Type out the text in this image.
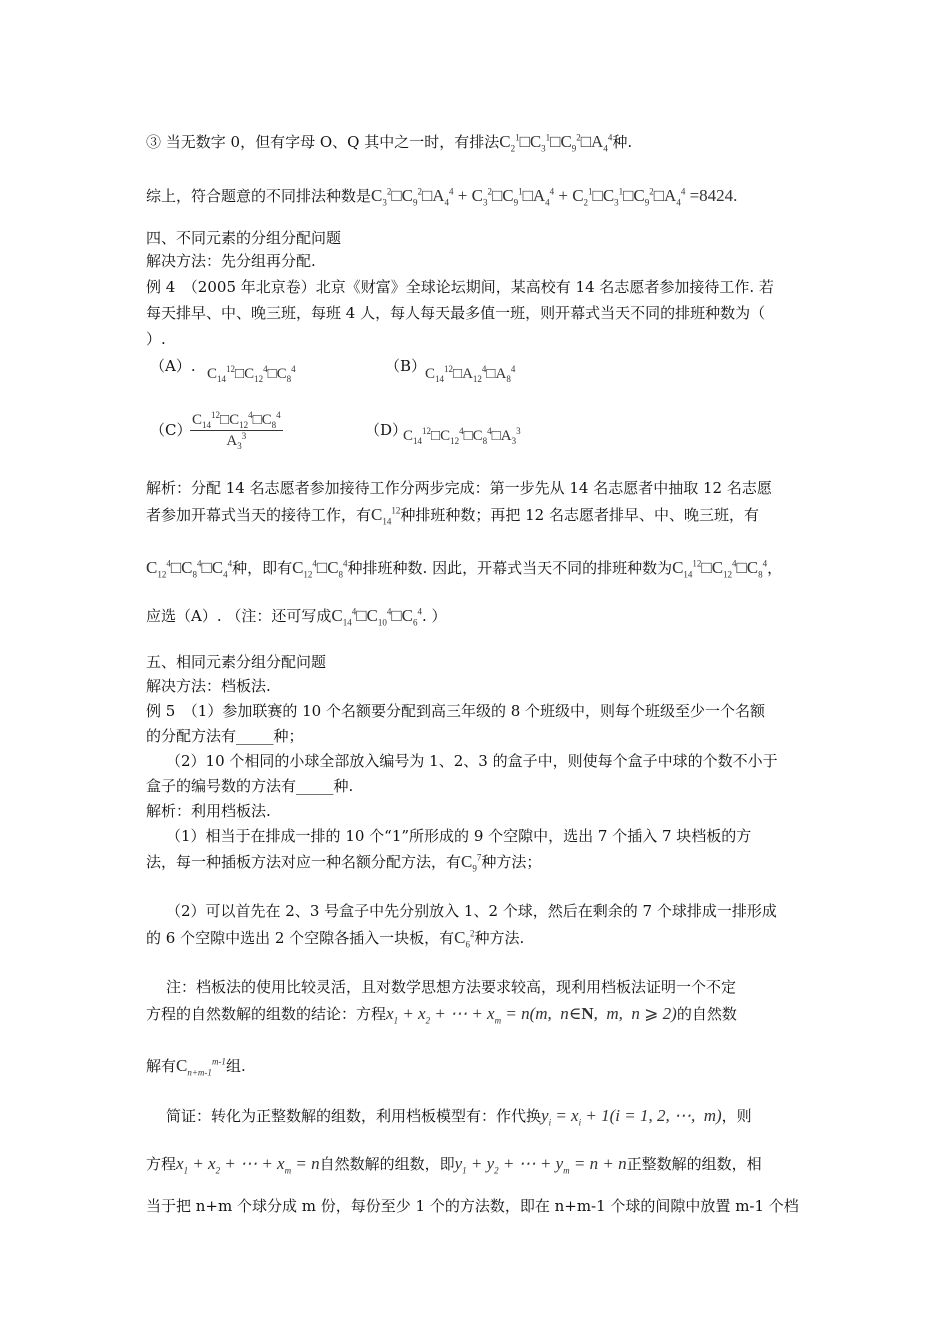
③ 当无数字 0，但有字母 O、Q 其中之一时，有排法$C_2^1□C_3^1□C_9^2□A_4^4$种.
综上，符合题意的不同排法种数是$C_3^2□C_9^2□A_4^4$ + $C_3^2□C_9^1□A_4^4$ + $C_2^1□C_3^1□C_9^2□A_4^4 =8424$.
四、不同元素的分组分配问题
解决方法：先分组再分配.
例 4　（2005 年北京卷）北京《财富》全球论坛期间，某高校有 14 名志愿者参加接待工作. 若
每天排早、中、晚三班，每班 4 人，每人每天最多值一班，则开幕式当天不同的排班种数为（
）.
（A）. $C_{14}^{12}□C_{12}^4□C_8^4$	（B）
$C_{14}^{12}□A_{12}^4□A_8^4$
（C）
$\frac{C_{14}^{12}□C_{12}^4□C_8^4}{A_3^3}$	（D）
$C_{14}^{12}□C_{12}^4□C_8^4□A_3^3$
解析：分配 14 名志愿者参加接待工作分两步完成：第一步先从 14 名志愿者中抽取 12 名志愿
者参加开幕式当天的接待工作，有$C_{14}^{12}$种排班种数；再把 12 名志愿者排早、中、晚三班，有
$C_{12}^4□C_8^4□C_4^4$种，即有$C_{12}^4□C_8^4$种排班种数. 因此，开幕式当天不同的排班种数为$C_{14}^{12}□C_{12}^4□C_8^4$，
应选（A）. （注：还可写成$C_{14}^4□C_{10}^4□C_6^4$. ）
五、相同元素分组分配问题
解决方法：档板法.
例 5　（1）参加联赛的 10 个名额要分配到高三年级的 8 个班级中，则每个班级至少一个名额
的分配方法有_____种；
（2）10 个相同的小球全部放入编号为 1、2、3 的盒子中，则使每个盒子中球的个数不小于
盒子的编号数的方法有_____种.
解析：利用档板法.
（1）相当于在排成一排的 10 个“1”所形成的 9 个空隙中，选出 7 个插入 7 块档板的方
法，每一种插板方法对应一种名额分配方法，有$C_9^7$种方法；
（2）可以首先在 2、3 号盒子中先分别放入 1、2 个球，然后在剩余的 7 个球排成一排形成
的 6 个空隙中选出 2 个空隙各插入一块板，有$C_6^2$种方法.
注：档板法的使用比较灵活，且对数学思想方法要求较高，现利用档板法证明一个不定
方程的自然数解的组数的结论：方程$x_1 + x_2$ + ⋯ + $x_m = n(m$,  n∈N,  m,  n ⩾ 2)的自然数
解有$C_{n+m-1}^{m-1}$组.
简证：转化为正整数解的组数，利用档板模型有：作代换$y_i = x_i + 1(i = 1$, 2, ⋯,  m)，则
方程$x_1 + x_2$ + ⋯ + $x_m = n$自然数解的组数，即$y_1 + y_2$ + ⋯ + $y_m = n + n$正整数解的组数，相
当于把 n+m 个球分成 m 份，每份至少 1 个的方法数，即在 n+m-1 个球的间隙中放置 m-1 个档
